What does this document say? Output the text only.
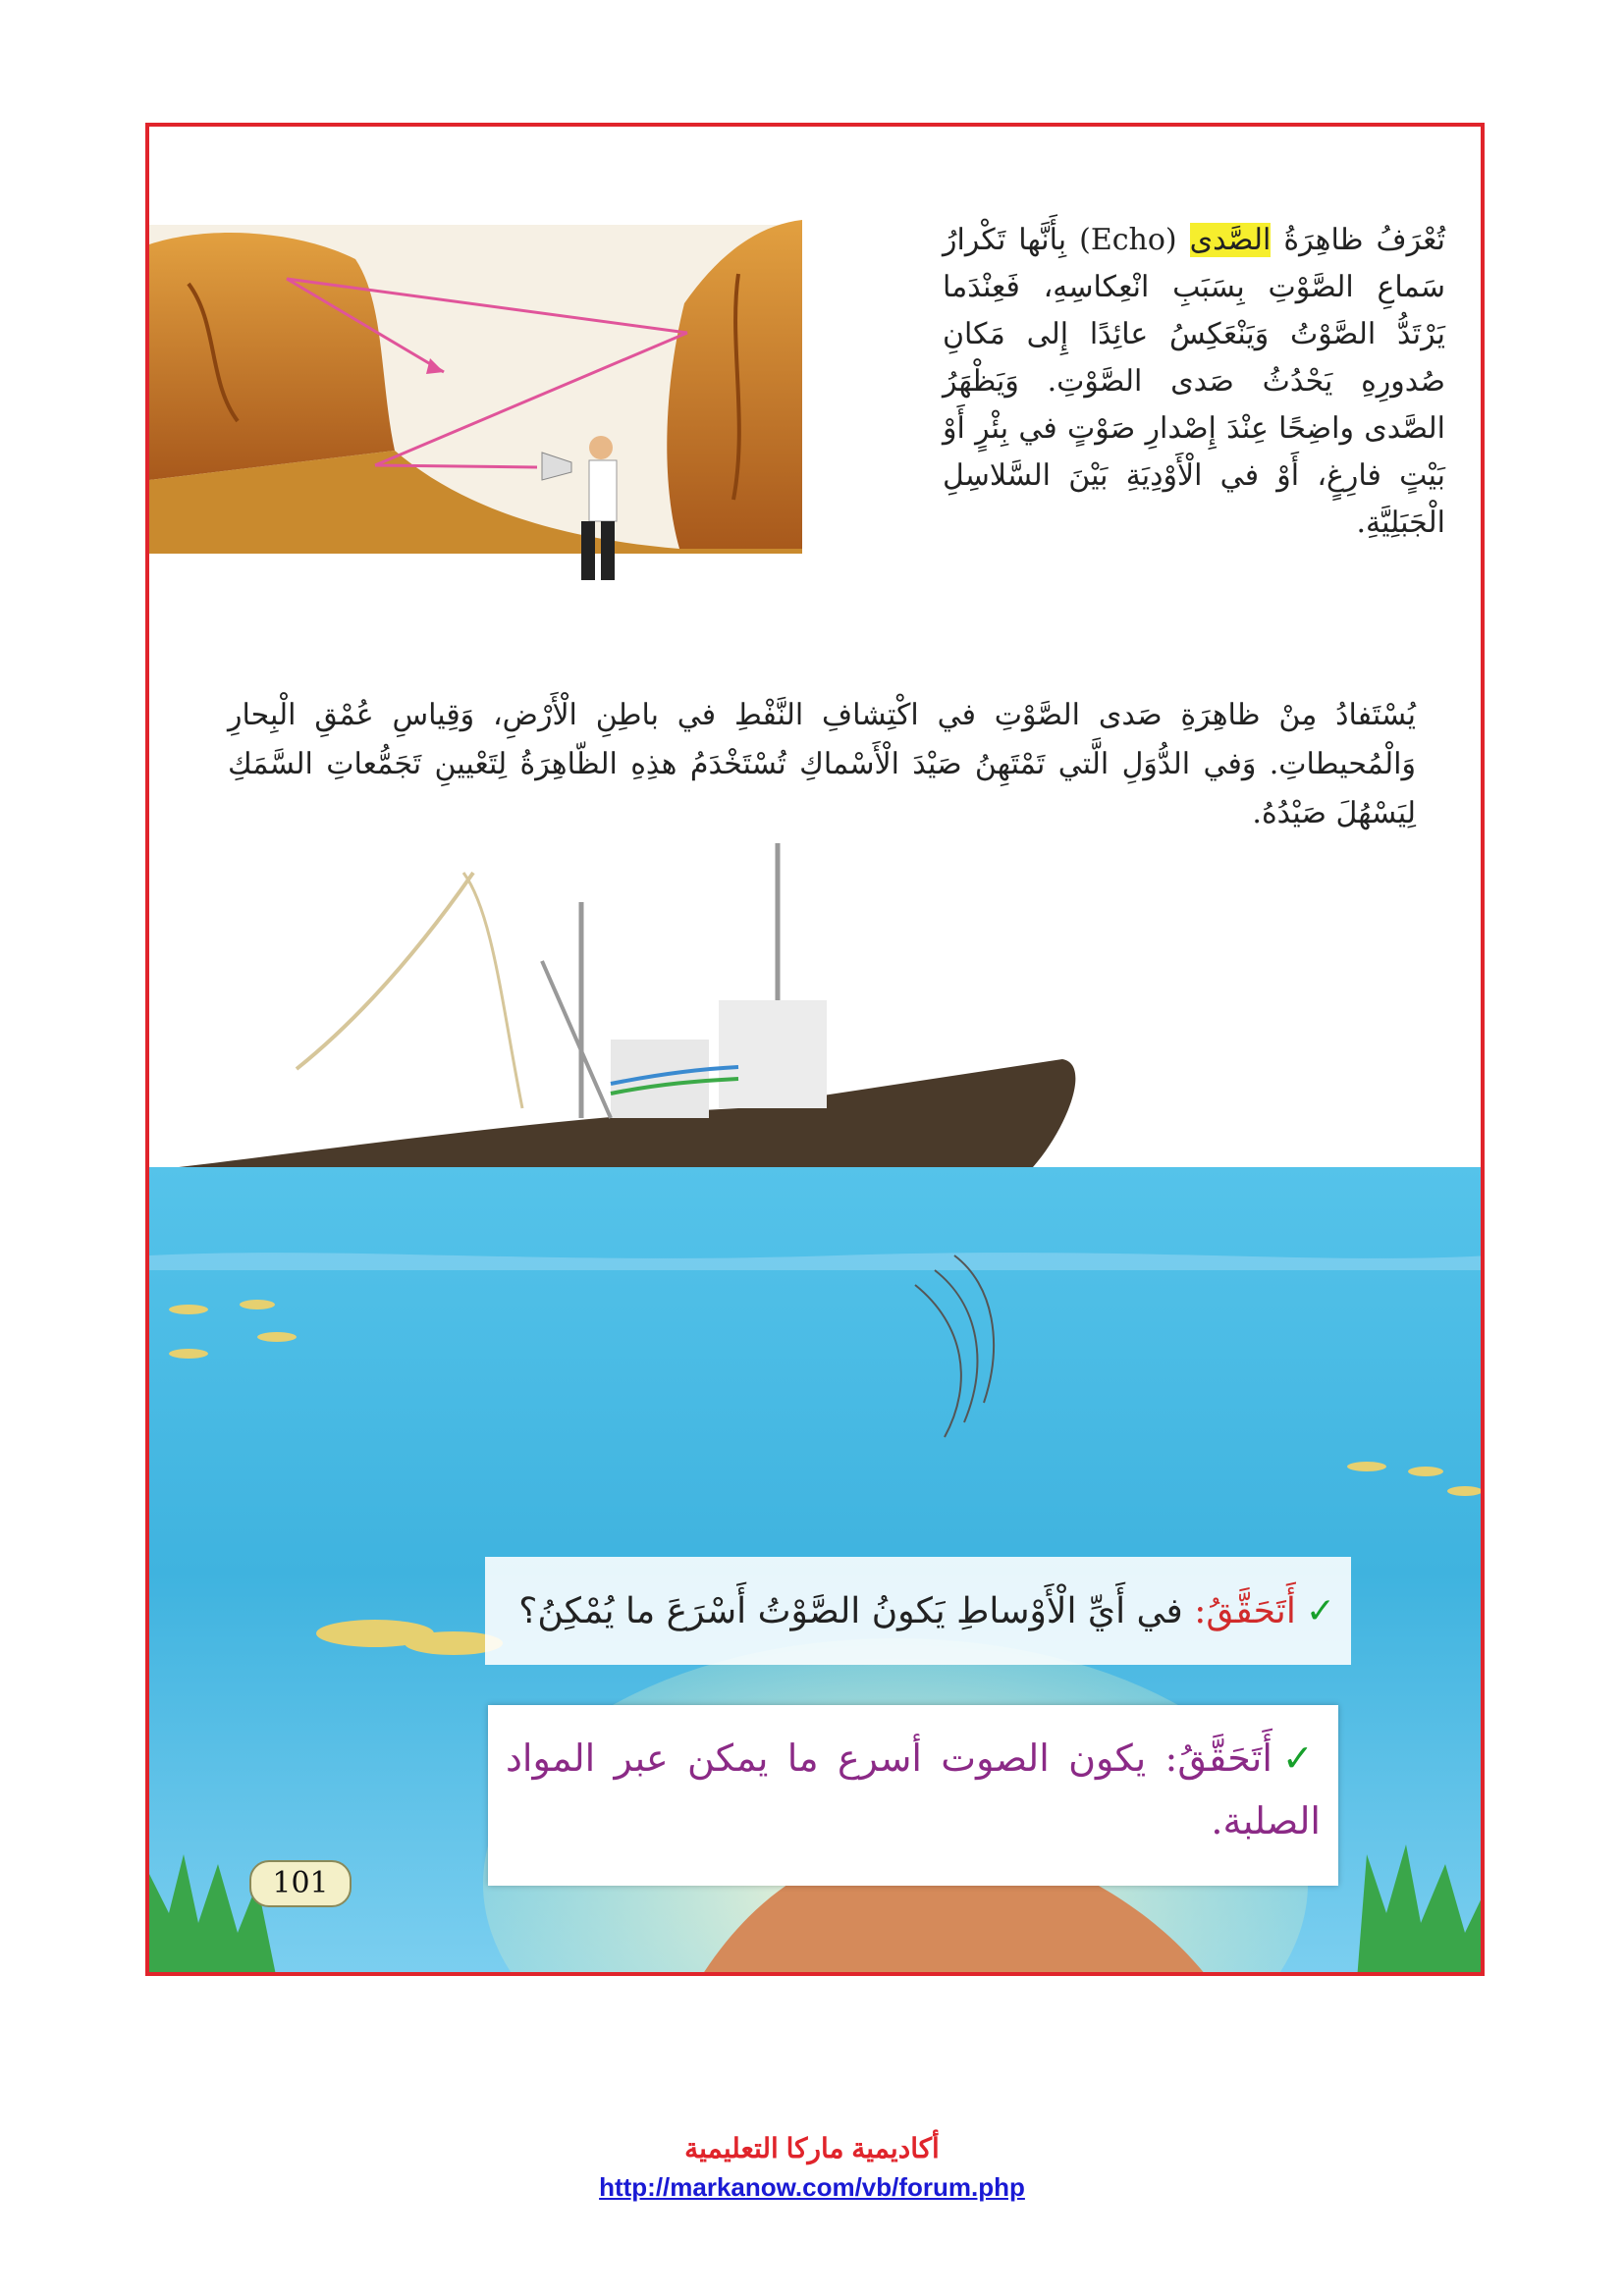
تُعْرَفُ ظاهِرَةُ الصَّدى (Echo) بِأَنَّها تَكْرارُ سَماعِ الصَّوْتِ بِسَبَبِ انْعِكاسِهِ، فَعِنْدَما يَرْتَدُّ الصَّوْتُ وَيَنْعَكِسُ عائِدًا إِلى مَكانِ صُدورِهِ يَحْدُثُ صَدى الصَّوْتِ. وَيَظْهَرُ الصَّدى واضِحًا عِنْدَ إِصْدارِ صَوْتٍ في بِئْرٍ أَوْ بَيْتٍ فارِغٍ، أَوْ في الْأَوْدِيَةِ بَيْنَ السَّلاسِلِ الْجَبَلِيَّةِ.
يُسْتَفادُ مِنْ ظاهِرَةِ صَدى الصَّوْتِ في اكْتِشافِ النَّفْطِ في باطِنِ الْأَرْضِ، وَقِياسِ عُمْقِ الْبِحارِ وَالْمُحيطاتِ. وَفي الدُّوَلِ الَّتي تَمْتَهِنُ صَيْدَ الْأَسْماكِ تُسْتَخْدَمُ هذِهِ الظّاهِرَةُ لِتَعْيينِ تَجَمُّعاتِ السَّمَكِ لِيَسْهُلَ صَيْدُهُ.
✓أَتَحَقَّقُ: في أَيِّ الْأَوْساطِ يَكونُ الصَّوْتُ أَسْرَعَ ما يُمْكِنُ؟
✓أَتَحَقَّقُ: يكون الصوت أسرع ما يمكن عبر المواد الصلبة.
101
أكاديمية ماركا التعليمية
http://markanow.com/vb/forum.php
